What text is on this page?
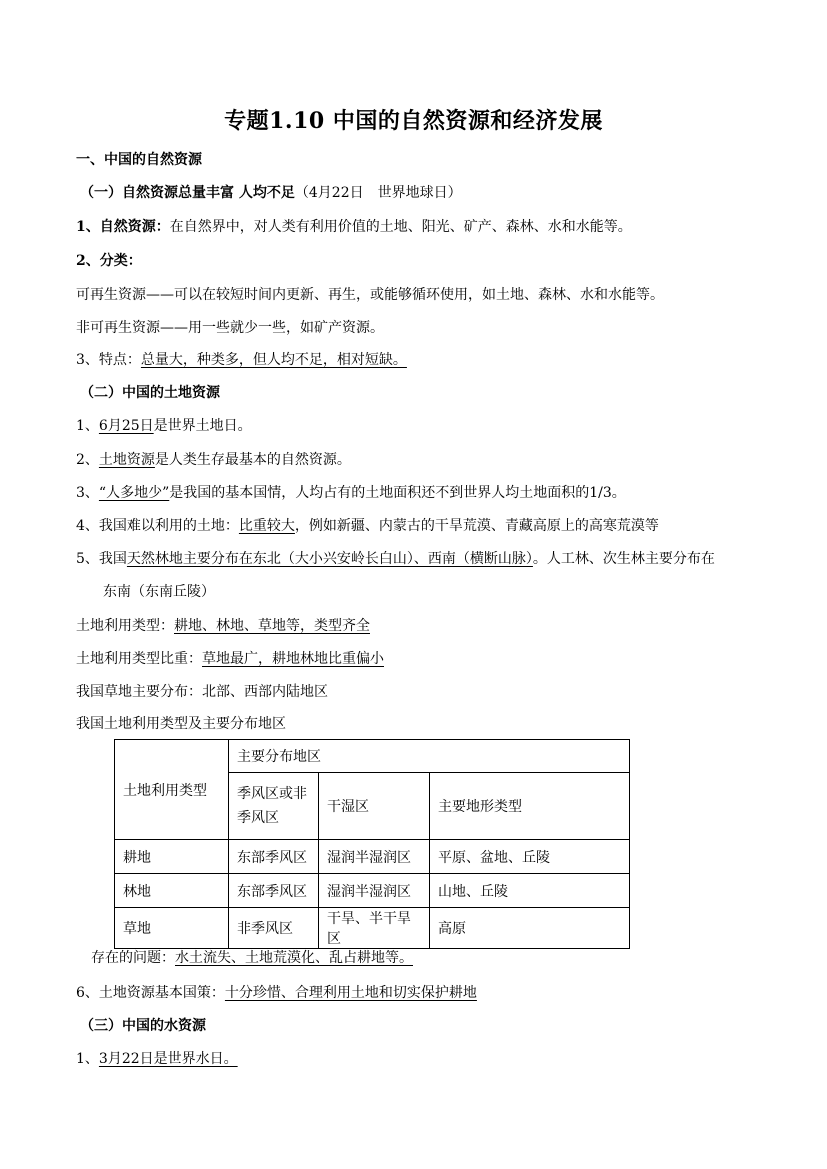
专题1.10 中国的自然资源和经济发展
一、中国的自然资源
（一）自然资源总量丰富 人均不足（4月22日　世界地球日）
1、自然资源：在自然界中，对人类有利用价值的土地、阳光、矿产、森林、水和水能等。
2、分类：
可再生资源——可以在较短时间内更新、再生，或能够循环使用，如土地、森林、水和水能等。
非可再生资源——用一些就少一些，如矿产资源。
3、特点：总量大，种类多，但人均不足，相对短缺。
（二）中国的土地资源
1、6月25日是世界土地日。
2、土地资源是人类生存最基本的自然资源。
3、“人多地少”是我国的基本国情，人均占有的土地面积还不到世界人均土地面积的1/3。
4、我国难以利用的土地：比重较大，例如新疆、内蒙古的干旱荒漠、青藏高原上的高寒荒漠等
5、我国天然林地主要分布在东北（大小兴安岭长白山）、西南（横断山脉）。人工林、次生林主要分布在
东南（东南丘陵）
土地利用类型：耕地、林地、草地等，类型齐全
土地利用类型比重：草地最广，耕地林地比重偏小
我国草地主要分布：北部、西部内陆地区
我国土地利用类型及主要分布地区
土地利用类型	主要分布地区		
	季风区或非季风区	干湿区	主要地形类型
耕地	东部季风区	湿润半湿润区	平原、盆地、丘陵
林地	东部季风区	湿润半湿润区	山地、丘陵
草地	非季风区	干旱、半干旱区	高原
存在的问题：水土流失、土地荒漠化、乱占耕地等。
6、土地资源基本国策：十分珍惜、合理利用土地和切实保护耕地
（三）中国的水资源
1、3月22日是世界水日。
